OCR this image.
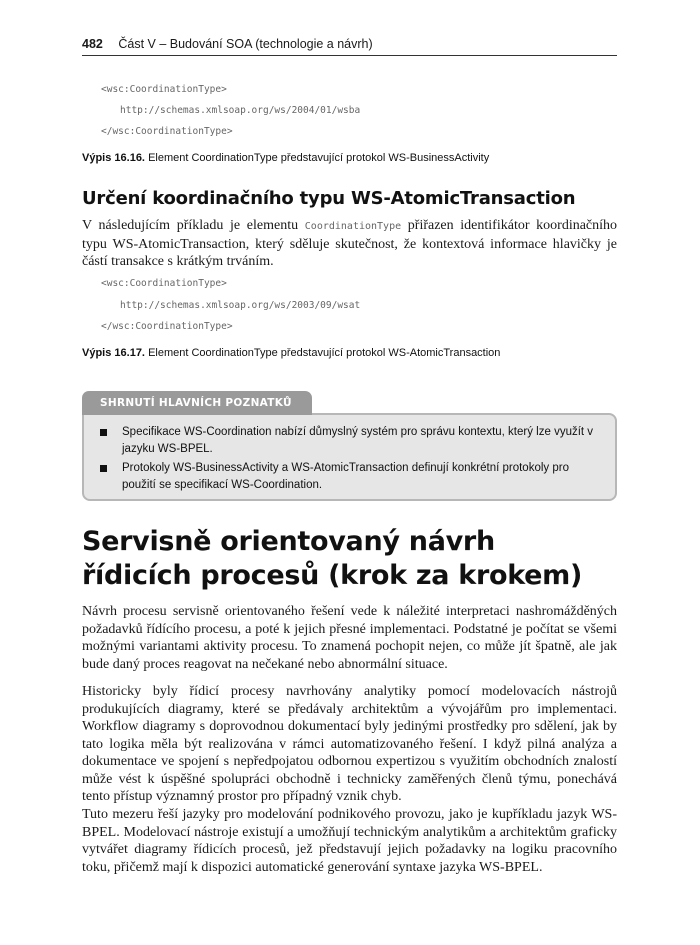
482 Část V – Budování SOA (technologie a návrh)
<wsc:CoordinationType>
http://schemas.xmlsoap.org/ws/2004/01/wsba
</wsc:CoordinationType>
Výpis 16.16. Element CoordinationType představující protokol WS-BusinessActivity
Určení koordinačního typu WS-AtomicTransaction

V následujícím příkladu je elementu CoordinationType přiřazen identifikátor koordinačního typu WS-AtomicTransaction, který sděluje skutečnost, že kontextová informace hlavičky je částí transakce s krátkým trváním.

<wsc:CoordinationType>
http://schemas.xmlsoap.org/ws/2003/09/wsat
</wsc:CoordinationType>
Výpis 16.17. Element CoordinationType představující protokol WS-AtomicTransaction
Specifikace WS-Coordination nabízí důmyslný systém pro správu kontextu, který lze využít v jazyku WS-BPEL.
Protokoly WS-BusinessActivity a WS-AtomicTransaction definují konkrétní protokoly pro použití se specifikací WS-Coordination.
SHRNUTÍ HLAVNÍCH POZNATKŮ
Servisně orientovaný návrh
řídicích procesů (krok za krokem)

Návrh procesu servisně orientovaného řešení vede k náležité interpretaci nashromážděných požadavků řídícího procesu, a poté k jejich přesné implementaci. Podstatné je počítat se všemi možnými variantami aktivity procesu. To znamená pochopit nejen, co může jít špatně, ale jak bude daný proces reagovat na nečekané nebo abnormální situace.

Historicky byly řídicí procesy navrhovány analytiky pomocí modelovacích nástrojů produkujících diagramy, které se předávaly architektům a vývojářům pro implementaci. Workflow diagramy s doprovodnou dokumentací byly jedinými prostředky pro sdělení, jak by tato logika měla být realizována v rámci automatizovaného řešení. I když pilná analýza a dokumentace ve spojení s nepředpojatou odbornou expertizou s využitím obchodních znalostí může vést k úspěšné spolupráci obchodně i technicky zaměřených členů týmu, ponechává tento přístup významný prostor pro případný vznik chyb.

Tuto mezeru řeší jazyky pro modelování podnikového provozu, jako je kupříkladu jazyk WS-BPEL. Modelovací nástroje existují a umožňují technickým analytikům a architektům graficky vytvářet diagramy řídicích procesů, jež představují jejich požadavky na logiku pracovního toku, přičemž mají k dispozici automatické generování syntaxe jazyka WS-BPEL.
